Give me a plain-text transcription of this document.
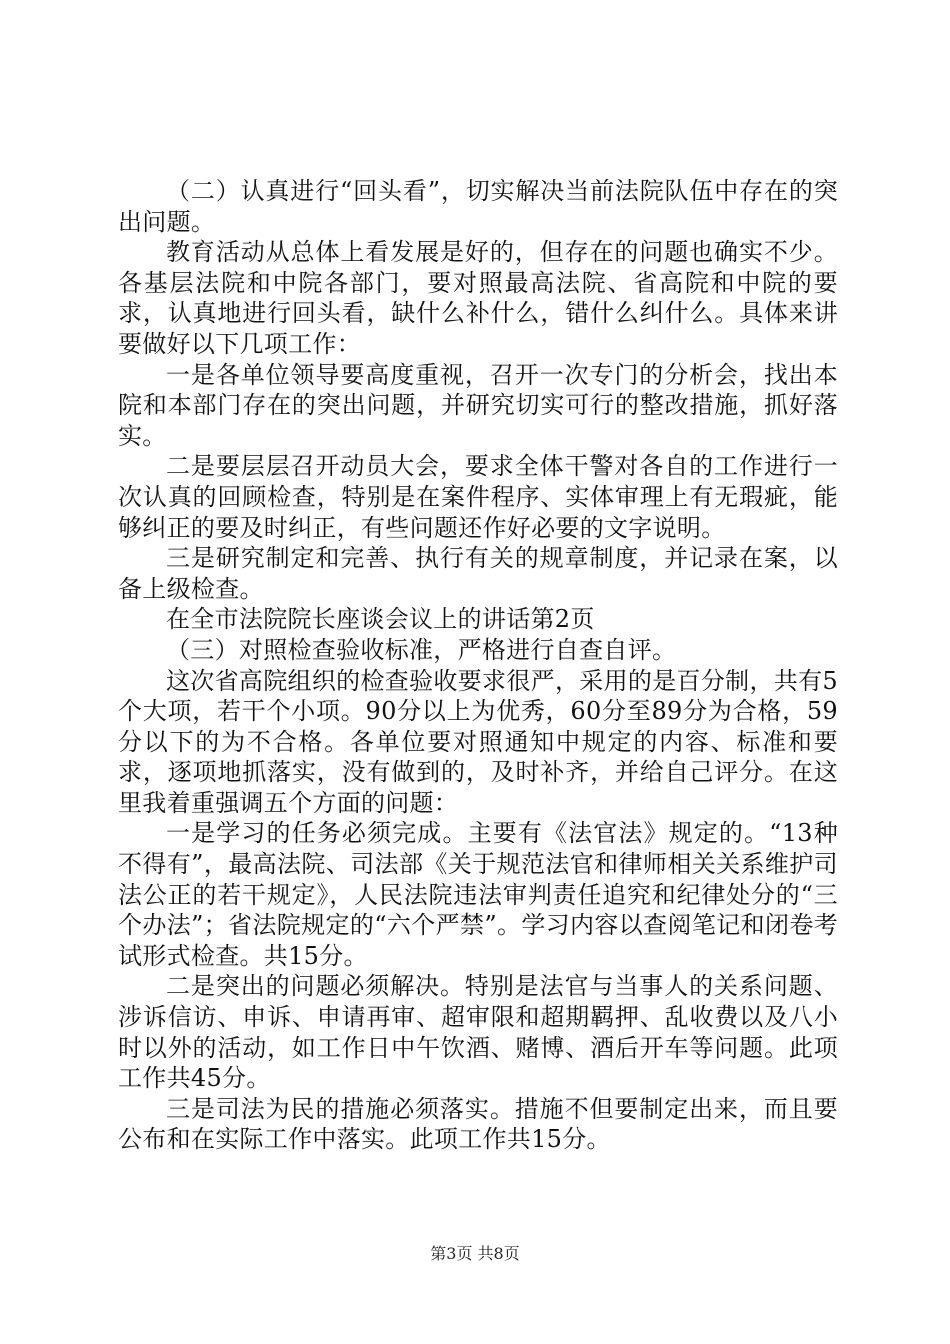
（二）认真进行“回头看”，切实解决当前法院队伍中存在的突出问题。

教育活动从总体上看发展是好的，但存在的问题也确实不少。各基层法院和中院各部门，要对照最高法院、省高院和中院的要求，认真地进行回头看，缺什么补什么，错什么纠什么。具体来讲要做好以下几项工作：

一是各单位领导要高度重视，召开一次专门的分析会，找出本院和本部门存在的突出问题，并研究切实可行的整改措施，抓好落实。

二是要层层召开动员大会，要求全体干警对各自的工作进行一次认真的回顾检查，特别是在案件程序、实体审理上有无瑕疵，能够纠正的要及时纠正，有些问题还作好必要的文字说明。

三是研究制定和完善、执行有关的规章制度，并记录在案，以备上级检查。

在全市法院院长座谈会议上的讲话第2页

（三）对照检查验收标准，严格进行自查自评。

这次省高院组织的检查验收要求很严，采用的是百分制，共有5个大项，若干个小项。90分以上为优秀，60分至89分为合格，59分以下的为不合格。各单位要对照通知中规定的内容、标准和要求，逐项地抓落实，没有做到的，及时补齐，并给自己评分。在这里我着重强调五个方面的问题：

一是学习的任务必须完成。主要有《法官法》规定的。“13种不得有”，最高法院、司法部《关于规范法官和律师相关关系维护司法公正的若干规定》，人民法院违法审判责任追究和纪律处分的“三个办法”；省法院规定的“六个严禁”。学习内容以查阅笔记和闭卷考试形式检查。共15分。

二是突出的问题必须解决。特别是法官与当事人的关系问题、涉诉信访、申诉、申请再审、超审限和超期羁押、乱收费以及八小时以外的活动，如工作日中午饮酒、赌博、酒后开车等问题。此项工作共45分。

三是司法为民的措施必须落实。措施不但要制定出来，而且要公布和在实际工作中落实。此项工作共15分。

第3页 共8页
